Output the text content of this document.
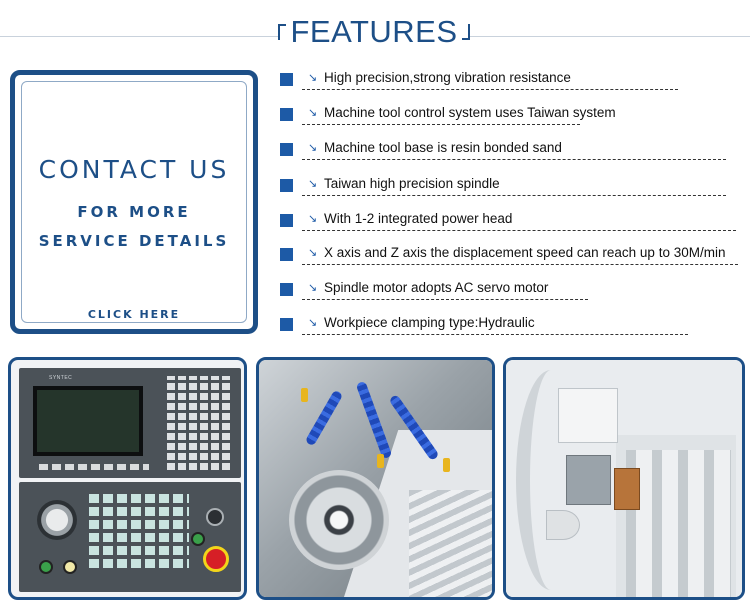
FEATURES
CONTACT US
FOR MORE
SERVICE DETAILS
CLICK HERE
↘ High precision,strong vibration resistance
↘ Machine tool control system uses Taiwan system
↘ Machine tool base is resin bonded sand
↘ Taiwan high precision spindle
↘ With 1-2 integrated power head
↘ X axis and Z axis the displacement speed can reach up to 30M/min
↘ Spindle motor adopts AC servo motor
↘ Workpiece clamping type:Hydraulic
SYNTEC
